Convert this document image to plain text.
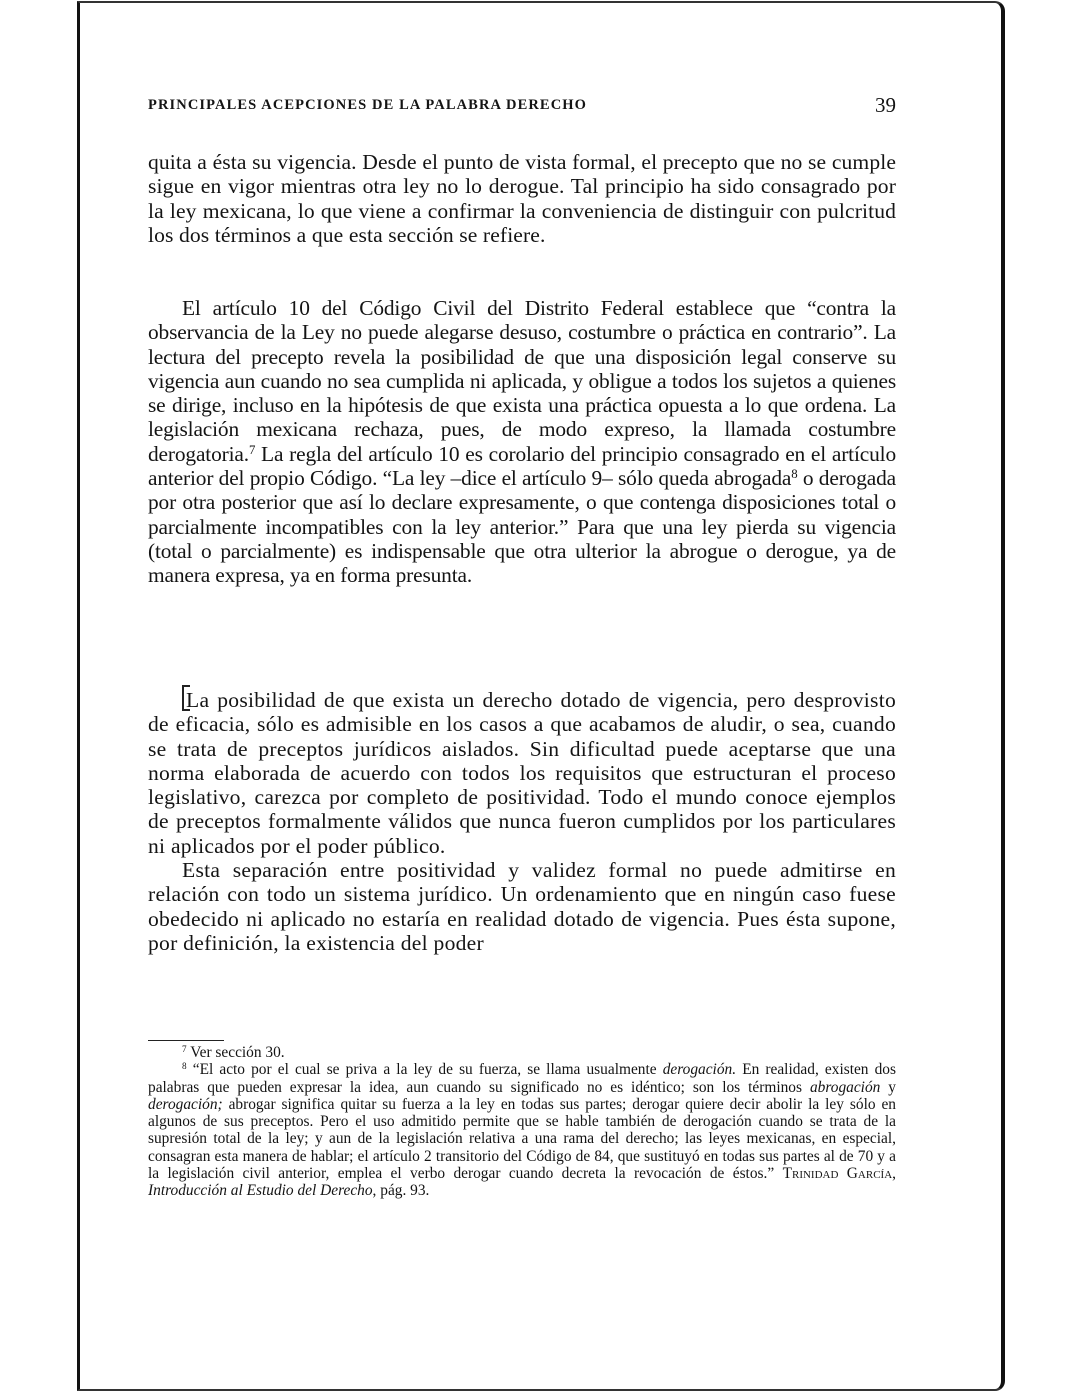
PRINCIPALES ACEPCIONES DE LA PALABRA DERECHO	39

quita a ésta su vigencia. Desde el punto de vista formal, el precepto que no se cumple sigue en vigor mientras otra ley no lo derogue. Tal principio ha sido consagrado por la ley mexicana, lo que viene a confirmar la conveniencia de distinguir con pulcritud los dos términos a que esta sección se refiere.

El artículo 10 del Código Civil del Distrito Federal establece que “contra la observancia de la Ley no puede alegarse desuso, costumbre o práctica en contrario”. La lectura del precepto revela la posibilidad de que una disposición legal conserve su vigencia aun cuando no sea cumplida ni aplicada, y obligue a todos los sujetos a quienes se dirige, incluso en la hipótesis de que exista una práctica opuesta a lo que ordena. La legislación mexicana rechaza, pues, de modo expreso, la llamada costumbre derogatoria.$^7$ La regla del artículo 10 es corolario del principio consagrado en el artículo anterior del propio Código. “La ley –dice el artículo 9– sólo queda abrogada$^8$ o derogada por otra posterior que así lo declare expresamente, o que contenga disposiciones total o parcialmente incompatibles con la ley anterior.” Para que una ley pierda su vigencia (total o parcialmente) es indispensable que otra ulterior la abrogue o derogue, ya de manera expresa, ya en forma presunta.

La posibilidad de que exista un derecho dotado de vigencia, pero desprovisto de eficacia, sólo es admisible en los casos a que acabamos de aludir, o sea, cuando se trata de preceptos jurídicos aislados. Sin dificultad puede aceptarse que una norma elaborada de acuerdo con todos los requisitos que estructuran el proceso legislativo, carezca por completo de positividad. Todo el mundo conoce ejemplos de preceptos formalmente válidos que nunca fueron cumplidos por los particulares ni aplicados por el poder público.

Esta separación entre positividad y validez formal no puede admitirse en relación con todo un sistema jurídico. Un ordenamiento que en ningún caso fuese obedecido ni aplicado no estaría en realidad dotado de vigencia. Pues ésta supone, por definición, la existencia del poder

$^7$ Ver sección 30.

$^8$ “El acto por el cual se priva a la ley de su fuerza, se llama usualmente derogación. En realidad, existen dos palabras que pueden expresar la idea, aun cuando su significado no es idéntico; son los términos abrogación y derogación; abrogar significa quitar su fuerza a la ley en todas sus partes; derogar quiere decir abolir la ley sólo en algunos de sus preceptos. Pero el uso admitido permite que se hable también de derogación cuando se trata de la supresión total de la ley; y aun de la legislación relativa a una rama del derecho; las leyes mexicanas, en especial, consagran esta manera de hablar; el artículo 2 transitorio del Código de 84, que sustituyó en todas sus partes al de 70 y a la legislación civil anterior, emplea el verbo derogar cuando decreta la revocación de éstos.” Trinidad García, Introducción al Estudio del Derecho, pág. 93.
